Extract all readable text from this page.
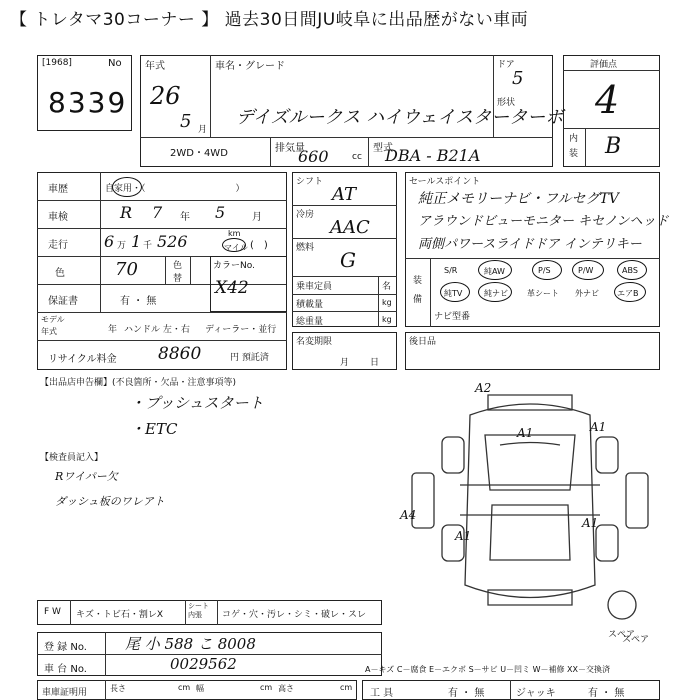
【 トレタマ30コーナー 】 過去30日間JU岐阜に出品歴がない車両
[1968]	No
8339
年式
26
5 月
車名・グレード
デイズルークス ハイウェイスターターボ
ドア
5
形状
2WD・4WD	排気量
660	cc
型式
DBA - B21A
評価点
4
内
装 B
車歴	自家用・（　　　　　　　　　　）
車検	R 7 年 5	月
走行 6 万 1 千 526	km
マイル (　)
色	70	色
替
保証書	有 ・ 無
モデル
年式	年 ハンドル 左・右 ディーラー・並行
リサイクル料金 8860	円 預託済
カラーNo.
X42
シフト
AT
冷房
AAC
燃料 G
乗車定員	名
積載量	kg
総重量	kg
名変期限
月 日
セールスポイント
純正メモリーナビ・フルセグTV
アラウンドビューモニター キセノンヘッド
両側パワースライドドア インテリキー
装
備
S/R	純AW	P/S	P/W	ABS
純TV	純ナビ 革シート 外ナビ エアB
ナビ型番
後日品
【出品店申告欄】(不良箇所・欠品・注意事項等)
・プッシュスタート
・ETC
【検査員記入】
Rワイパー欠
ダッシュ板のワレアト
A2
A1	A1
A4
A1
A1
スペア
スペア
F W キズ・トビ石・割レX
シート 内張	コゲ・穴・汚レ・シミ・破レ・スレ
登 録 No.	尾 小 588 こ 8008
車 台 No.	0029562
車庫証明用	長さ	cm 幅	cm 高さ	cm
A－キズ C－腐食 E－エクボ S－サビ U－凹ミ W－補修 XX－交換済
工 具	有 ・ 無	ジャッキ	有 ・ 無
